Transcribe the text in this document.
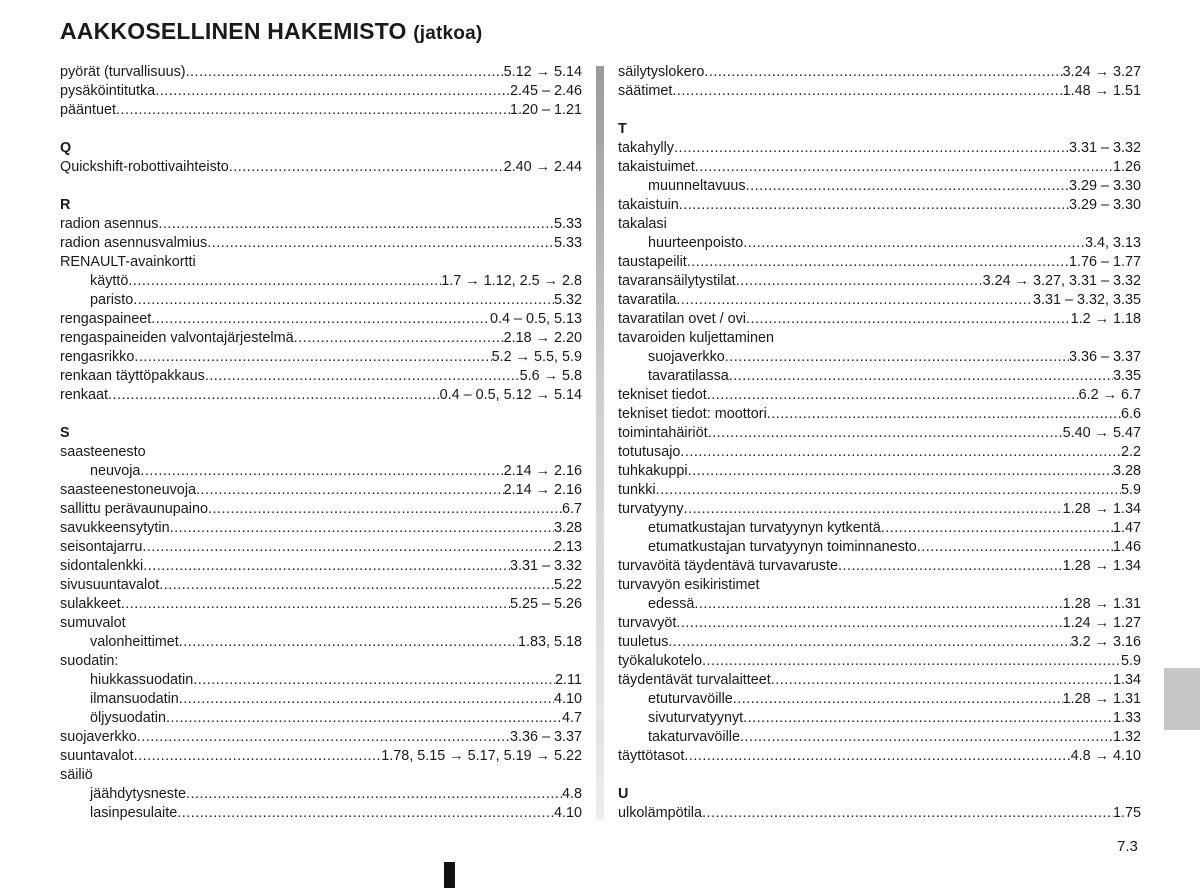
AAKKOSELLINEN HAKEMISTO (jatkoa)
pyörät (turvallisuus) .....	5.12 → 5.14
pysäköintitutka .....	2.45 – 2.46
pääntuet .....	1.20 – 1.21
Q
Quickshift-robottivaihteisto .....	2.40 → 2.44
R
radion asennus .....	5.33
radion asennusvalmius .....	5.33
RENAULT-avainkortti
käyttö .....	1.7 → 1.12, 2.5 → 2.8
paristo .....	5.32
rengaspaineet .....	0.4 – 0.5, 5.13
rengaspaineiden valvontajärjestelmä .....	2.18 → 2.20
rengasrikko .....	5.2 → 5.5, 5.9
renkaan täyttöpakkaus .....	5.6 → 5.8
renkaat .....	0.4 – 0.5, 5.12 → 5.14
S
saasteenesto
neuvoja .....	2.14 → 2.16
saasteenestoneuvoja .....	2.14 → 2.16
sallittu perävaunupaino .....	6.7
savukkeensytytin .....	3.28
seisontajarru .....	2.13
sidontalenkki .....	3.31 – 3.32
sivusuuntavalot .....	5.22
sulakkeet .....	5.25 – 5.26
sumuvalot
valonheittimet .....	1.83, 5.18
suodatin:
hiukkassuodatin .....	2.11
ilmansuodatin .....	4.10
öljysuodatin .....	4.7
suojaverkko .....	3.36 – 3.37
suuntavalot .....	1.78, 5.15 → 5.17, 5.19 → 5.22
säiliö
jäähdytysneste .....	4.8
lasinpesulaite .....	4.10
säilytyslokero .....	3.24 → 3.27
säätimet .....	1.48 → 1.51
T
takahylly .....	3.31 – 3.32
takaistuimet .....	1.26
muunneltavuus .....	3.29 – 3.30
takaistuin .....	3.29 – 3.30
takalasi
huurteenpoisto .....	3.4, 3.13
taustapeilit .....	1.76 – 1.77
tavaransäilytystilat .....	3.24 → 3.27, 3.31 – 3.32
tavaratila .....	3.31 – 3.32, 3.35
tavaratilan ovet / ovi .....	1.2 → 1.18
tavaroiden kuljettaminen
suojaverkko .....	3.36 – 3.37
tavaratilassa .....	3.35
tekniset tiedot .....	6.2 → 6.7
tekniset tiedot: moottori .....	6.6
toimintahäiriöt .....	5.40 → 5.47
totutusajo .....	2.2
tuhkakuppi .....	3.28
tunkki .....	5.9
turvatyyny .....	1.28 → 1.34
etumatkustajan turvatyynyn kytkentä .....	1.47
etumatkustajan turvatyynyn toiminnanesto .....	1.46
turvavöitä täydentävä turvavaruste .....	1.28 → 1.34
turvavyön esikiristimet
edessä .....	1.28 → 1.31
turvavyöt .....	1.24 → 1.27
tuuletus .....	3.2 → 3.16
työkalukotelo .....	5.9
täydentävät turvalaitteet .....	1.34
etuturvavöille .....	1.28 → 1.31
sivuturvatyynyt .....	1.33
takaturvavöille .....	1.32
täyttötasot .....	4.8 → 4.10
U
ulkolämpötila .....	1.75
7.3
